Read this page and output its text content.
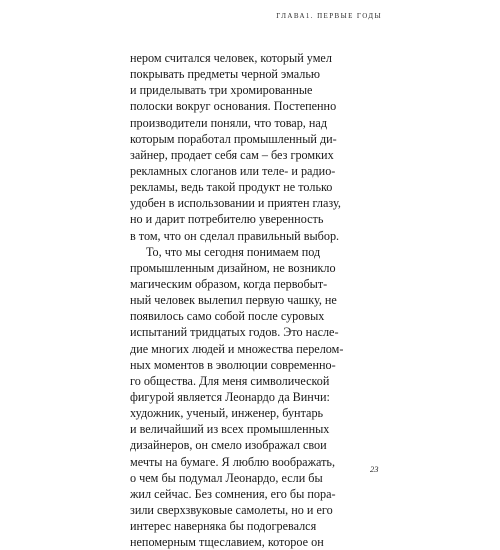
ГЛАВА1. ПЕРВЫЕ ГОДЫ
нером считался человек, который умел
покрывать предметы черной эмалью
и приделывать три хромированные
полоски вокруг основания. Постепенно
производители поняли, что товар, над
которым поработал промышленный ди-
зайнер, продает себя сам – без громких
рекламных слоганов или теле- и радио-
рекламы, ведь такой продукт не только
удобен в использовании и приятен глазу,
но и дарит потребителю уверенность
в том, что он сделал правильный выбор.
То, что мы сегодня понимаем под
промышленным дизайном, не возникло
магическим образом, когда первобыт-
ный человек вылепил первую чашку, не
появилось само собой после суровых
испытаний тридцатых годов. Это насле-
дие многих людей и множества перелом-
ных моментов в эволюции современно-
го общества. Для меня символической
фигурой является Леонардо да Винчи:
художник, ученый, инженер, бунтарь
и величайший из всех промышленных
дизайнеров, он смело изображал свои
мечты на бумаге. Я люблю воображать,
о чем бы подумал Леонардо, если бы
жил сейчас. Без сомнения, его бы пора-
зили сверхзвуковые самолеты, но и его
интерес наверняка бы подогревался
непомерным тщеславием, которое он
23
